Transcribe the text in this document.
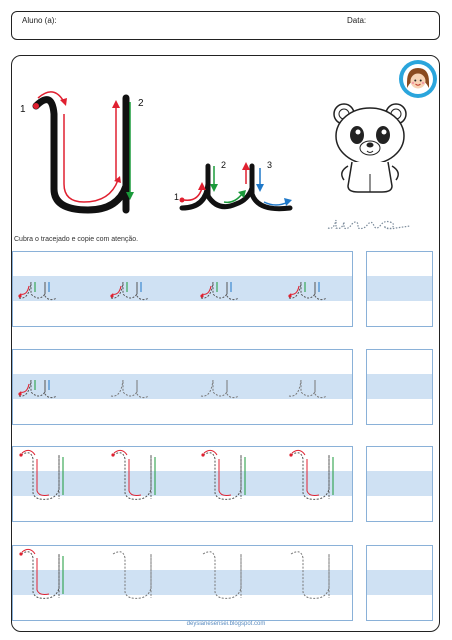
Aluno (a):	Data:
1
2
1
2	3
Cubra o tracejado e copie com atenção.
deysianesensei.blogspot.com
